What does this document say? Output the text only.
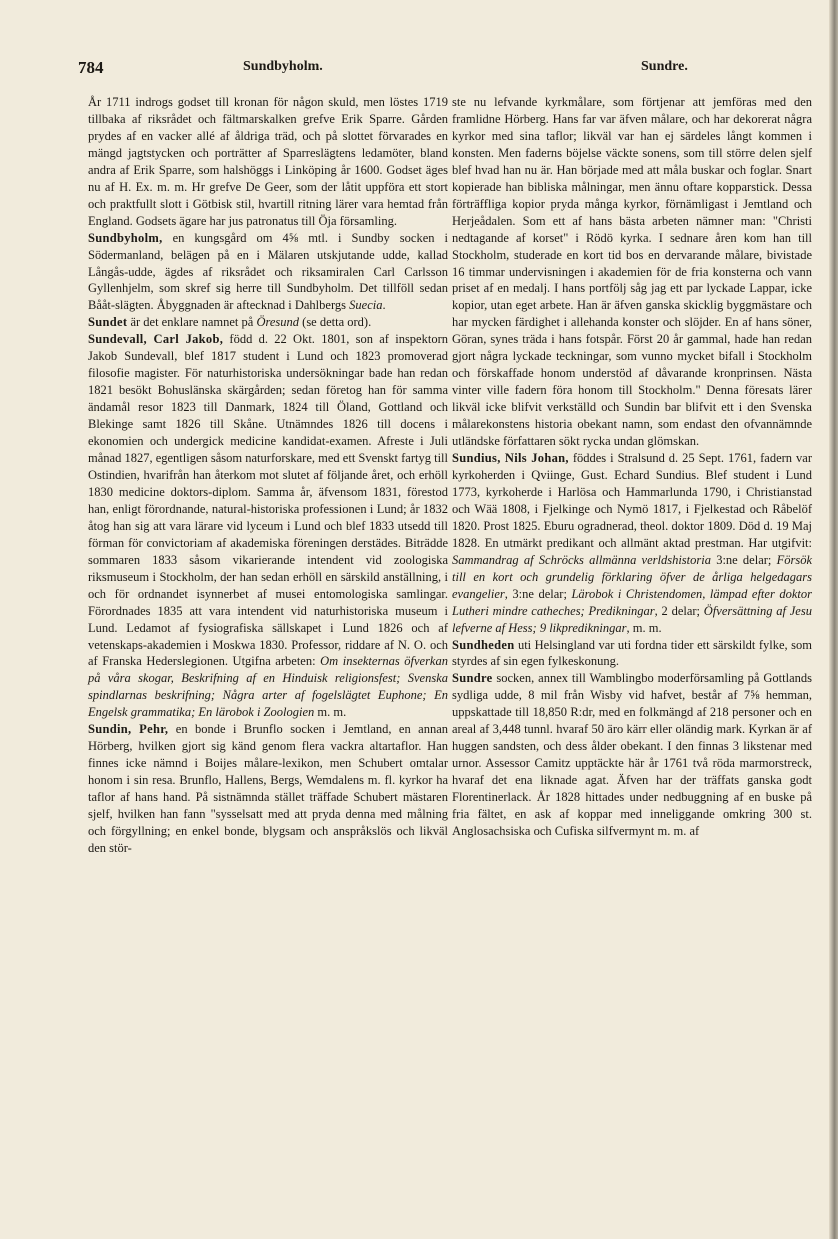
784	Sundbyholm.	Sundre.

År 1711 indrogs godset till kronan för någon skuld, men löstes 1719 tillbaka af riksrådet och fältmarskalken grefve Erik Sparre. Gården prydes af en vacker allé af åldriga träd, och på slottet förvarades en mängd jagtstycken och porträtter af Sparreslägtens ledamöter, bland andra af Erik Sparre, som halshöggs i Linköping år 1600. Godset äges nu af H. Ex. m. m. Hr grefve De Geer, som der låtit uppföra ett stort och praktfullt slott i Götbisk stil, hvartill ritning lärer vara hemtad från England. Godsets ägare har jus patronatus till Öja församling.

Sundbyholm, en kungsgård om 4⅝ mtl. i Sundby socken i Södermanland, belägen på en i Mälaren utskjutande udde, kallad Långås-udde, ägdes af riksrådet och riksamiralen Carl Carlsson Gyllenhjelm, som skref sig herre till Sundbyholm. Det tillföll sedan Bååt-slägten. Åbyggnaden är aftecknad i Dahlbergs Suecia.

Sundet är det enklare namnet på Öresund (se detta ord).

Sundevall, Carl Jakob, född d. 22 Okt. 1801, son af inspektorn Jakob Sundevall, blef 1817 student i Lund och 1823 promoverad filosofie magister. För naturhistoriska undersökningar bade han redan 1821 besökt Bohuslänska skärgården; sedan företog han för samma ändamål resor 1823 till Danmark, 1824 till Öland, Gottland och Blekinge samt 1826 till Skåne. Utnämndes 1826 till docens i ekonomien och undergick medicine kandidat-examen. Afreste i Juli månad 1827, egentligen såsom naturforskare, med ett Svenskt fartyg till Ostindien, hvarifrån han återkom mot slutet af följande året, och erhöll 1830 medicine doktors-diplom. Samma år, äfvensom 1831, förestod han, enligt förordnande, natural-historiska professionen i Lund; år 1832 åtog han sig att vara lärare vid lyceum i Lund och blef 1833 utsedd till förman för convictoriam af akademiska föreningen derstädes. Biträdde sommaren 1833 såsom vikarierande intendent vid zoologiska riksmuseum i Stockholm, der han sedan erhöll en särskild anställning, i och för ordnandet isynnerbet af musei entomologiska samlingar. Förordnades 1835 att vara intendent vid naturhistoriska museum i Lund. Ledamot af fysiografiska sällskapet i Lund 1826 och af vetenskaps-akademien i Moskwa 1830. Professor, riddare af N. O. och af Franska Hederslegionen. Utgifna arbeten: Om insekternas öfverkan på våra skogar, Beskrifning af en Hinduisk religionsfest; Svenska spindlarnas beskrifning; Några arter af fogelslägtet Euphone; En Engelsk grammatika; En lärobok i Zoologien m. m.

Sundin, Pehr, en bonde i Brunflo socken i Jemtland, en annan Hörberg, hvilken gjort sig känd genom flera vackra altartaflor. Han finnes icke nämnd i Boijes målare-lexikon, men Schubert omtalar honom i sin resa. Brunflo, Hallens, Bergs, Wemdalens m. fl. kyrkor ha taflor af hans hand. På sistnämnda stället träffade Schubert mästaren sjelf, hvilken han fann "sysselsatt med att pryda denna med målning och förgyllning; en enkel bonde, blygsam och anspråkslös och likväl den stör-

ste nu lefvande kyrkmålare, som förtjenar att jemföras med den framlidne Hörberg. Hans far var äfven målare, och har dekorerat några kyrkor med sina taflor; likväl var han ej särdeles långt kommen i konsten. Men faderns böjelse väckte sonens, som till större delen sjelf blef hvad han nu är. Han började med att måla buskar och foglar. Snart kopierade han bibliska målningar, men ännu oftare kopparstick. Dessa förträffliga kopior pryda många kyrkor, förnämligast i Jemtland och Herjeådalen. Som ett af hans bästa arbeten nämner man: "Christi nedtagande af korset" i Rödö kyrka. I sednare åren kom han till Stockholm, studerade en kort tid bos en dervarande målare, bivistade 16 timmar undervisningen i akademien för de fria konsterna och vann priset af en medalj. I hans portfölj såg jag ett par lyckade Lappar, icke kopior, utan eget arbete. Han är äfven ganska skicklig byggmästare och har mycken färdighet i allehanda konster och slöjder. En af hans söner, Göran, synes träda i hans fotspår. Först 20 år gammal, hade han redan gjort några lyckade teckningar, som vunno mycket bifall i Stockholm och förskaffade honom understöd af dåvarande kronprinsen. Nästa vinter ville fadern föra honom till Stockholm." Denna föresats lärer likväl icke blifvit verkställd och Sundin bar blifvit ett i den Svenska målarekonstens historia obekant namn, som endast den ofvannämnde utländske författaren sökt rycka undan glömskan.

Sundius, Nils Johan, föddes i Stralsund d. 25 Sept. 1761, fadern var kyrkoherden i Qviinge, Gust. Echard Sundius. Blef student i Lund 1773, kyrkoherde i Harlösa och Hammarlunda 1790, i Christianstad och Wää 1808, i Fjelkinge och Nymö 1817, i Fjelkestad och Råbelöf 1820. Prost 1825. Eburu ogradnerad, theol. doktor 1809. Död d. 19 Maj 1828. En utmärkt predikant och allmänt aktad prestman. Har utgifvit: Sammandrag af Schröcks allmänna verldshistoria 3:ne delar; Försök till en kort och grundelig förklaring öfver de årliga helgedagars evangelier, 3:ne delar; Lärobok i Christendomen, lämpad efter doktor Lutheri mindre catheches; Predikningar, 2 delar; Öfversättning af Jesu lefverne af Hess; 9 likpredikningar, m. m.

Sundheden uti Helsingland var uti fordna tider ett särskildt fylke, som styrdes af sin egen fylkeskonung.

Sundre socken, annex till Wamblingbo moderförsamling på Gottlands sydliga udde, 8 mil från Wisby vid hafvet, består af 7⅝ hemman, uppskattade till 18,850 R:dr, med en folkmängd af 218 personer och en areal af 3,448 tunnl. hvaraf 50 äro kärr eller oländig mark. Kyrkan är af huggen sandsten, och dess ålder obekant. I den finnas 3 likstenar med urnor. Assessor Camitz upptäckte här år 1761 två röda marmorstreck, hvaraf det ena liknade agat. Äfven har der träffats ganska godt Florentinerlack. År 1828 hittades under nedbuggning af en buske på fria fältet, en ask af koppar med inneliggande omkring 300 st. Anglosachsiska och Cufiska silfvermynt m. m. af
